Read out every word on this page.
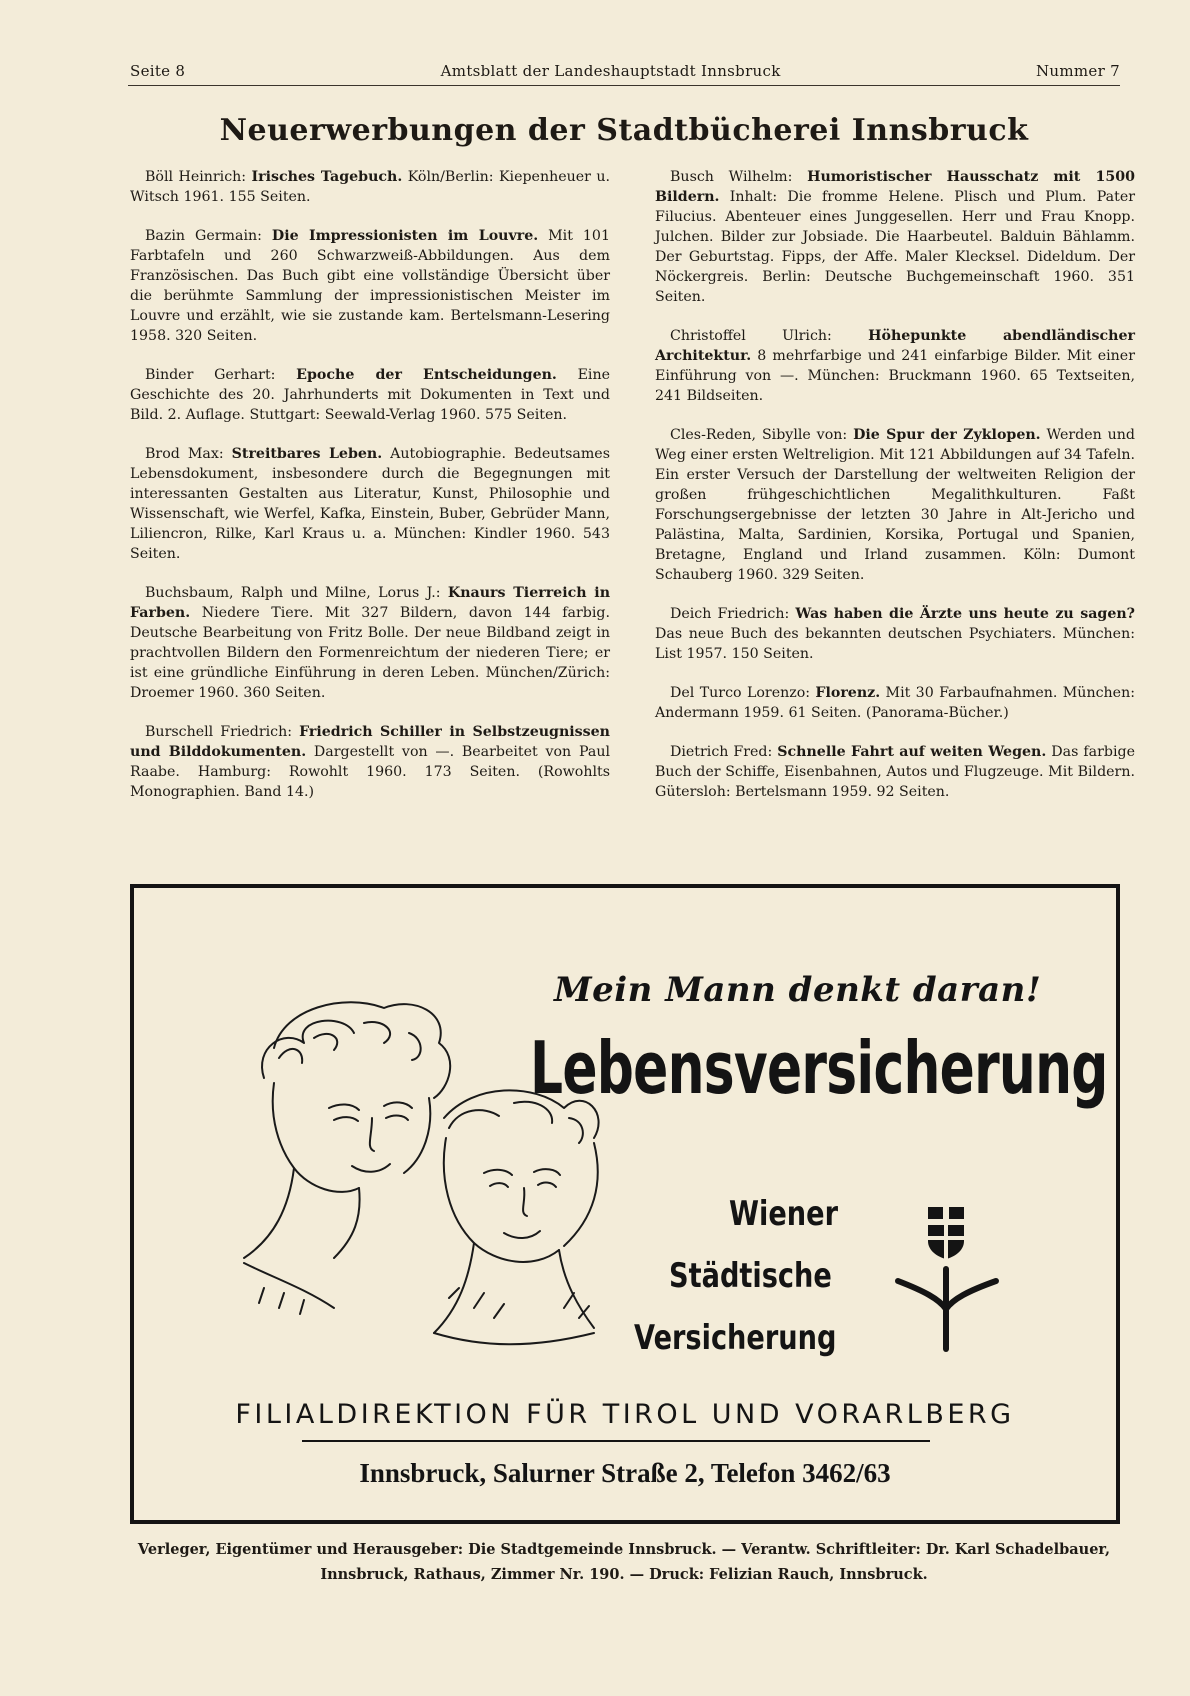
Seite 8	Amtsblatt der Landeshauptstadt Innsbruck	Nummer 7
Neuerwerbungen der Stadtbücherei Innsbruck

Böll Heinrich: Irisches Tagebuch. Köln/Berlin: Kiepenheuer u. Witsch 1961. 155 Seiten.

Bazin Germain: Die Impressionisten im Louvre. Mit 101 Farbtafeln und 260 Schwarzweiß-Abbildungen. Aus dem Französischen. Das Buch gibt eine vollständige Übersicht über die berühmte Sammlung der impressionistischen Meister im Louvre und erzählt, wie sie zustande kam. Bertelsmann-Lesering 1958. 320 Seiten.

Binder Gerhart: Epoche der Entscheidungen. Eine Geschichte des 20. Jahrhunderts mit Dokumenten in Text und Bild. 2. Auflage. Stuttgart: Seewald-Verlag 1960. 575 Seiten.

Brod Max: Streitbares Leben. Autobiographie. Bedeutsames Lebensdokument, insbesondere durch die Begegnungen mit interessanten Gestalten aus Literatur, Kunst, Philosophie und Wissenschaft, wie Werfel, Kafka, Einstein, Buber, Gebrüder Mann, Liliencron, Rilke, Karl Kraus u. a. München: Kindler 1960. 543 Seiten.

Buchsbaum, Ralph und Milne, Lorus J.: Knaurs Tierreich in Farben. Niedere Tiere. Mit 327 Bildern, davon 144 farbig. Deutsche Bearbeitung von Fritz Bolle. Der neue Bildband zeigt in prachtvollen Bildern den Formenreichtum der niederen Tiere; er ist eine gründliche Einführung in deren Leben. München/Zürich: Droemer 1960. 360 Seiten.

Burschell Friedrich: Friedrich Schiller in Selbstzeugnissen und Bilddokumenten. Dargestellt von —. Bearbeitet von Paul Raabe. Hamburg: Rowohlt 1960. 173 Seiten. (Rowohlts Monographien. Band 14.)

Busch Wilhelm: Humoristischer Hausschatz mit 1500 Bildern. Inhalt: Die fromme Helene. Plisch und Plum. Pater Filucius. Abenteuer eines Junggesellen. Herr und Frau Knopp. Julchen. Bilder zur Jobsiade. Die Haarbeutel. Balduin Bählamm. Der Geburtstag. Fipps, der Affe. Maler Klecksel. Dideldum. Der Nöckergreis. Berlin: Deutsche Buchgemeinschaft 1960. 351 Seiten.

Christoffel Ulrich: Höhepunkte abendländischer Architektur. 8 mehrfarbige und 241 einfarbige Bilder. Mit einer Einführung von —. München: Bruckmann 1960. 65 Textseiten, 241 Bildseiten.

Cles-Reden, Sibylle von: Die Spur der Zyklopen. Werden und Weg einer ersten Weltreligion. Mit 121 Abbildungen auf 34 Tafeln. Ein erster Versuch der Darstellung der weltweiten Religion der großen frühgeschichtlichen Megalithkulturen. Faßt Forschungsergebnisse der letzten 30 Jahre in Alt-Jericho und Palästina, Malta, Sardinien, Korsika, Portugal und Spanien, Bretagne, England und Irland zusammen. Köln: Dumont Schauberg 1960. 329 Seiten.

Deich Friedrich: Was haben die Ärzte uns heute zu sagen? Das neue Buch des bekannten deutschen Psychiaters. München: List 1957. 150 Seiten.

Del Turco Lorenzo: Florenz. Mit 30 Farbaufnahmen. München: Andermann 1959. 61 Seiten. (Panorama-Bücher.)

Dietrich Fred: Schnelle Fahrt auf weiten Wegen. Das farbige Buch der Schiffe, Eisenbahnen, Autos und Flugzeuge. Mit Bildern. Gütersloh: Bertelsmann 1959. 92 Seiten.

Mein Mann denkt daran!
Lebensversicherung
Wiener
Städtische
Versicherung
FILIALDIREKTION FÜR TIROL UND VORARLBERG
Innsbruck, Salurner Straße 2, Telefon 3462/63
Verleger, Eigentümer und Herausgeber: Die Stadtgemeinde Innsbruck. — Verantw. Schriftleiter: Dr. Karl Schadelbauer,
Innsbruck, Rathaus, Zimmer Nr. 190. — Druck: Felizian Rauch, Innsbruck.
